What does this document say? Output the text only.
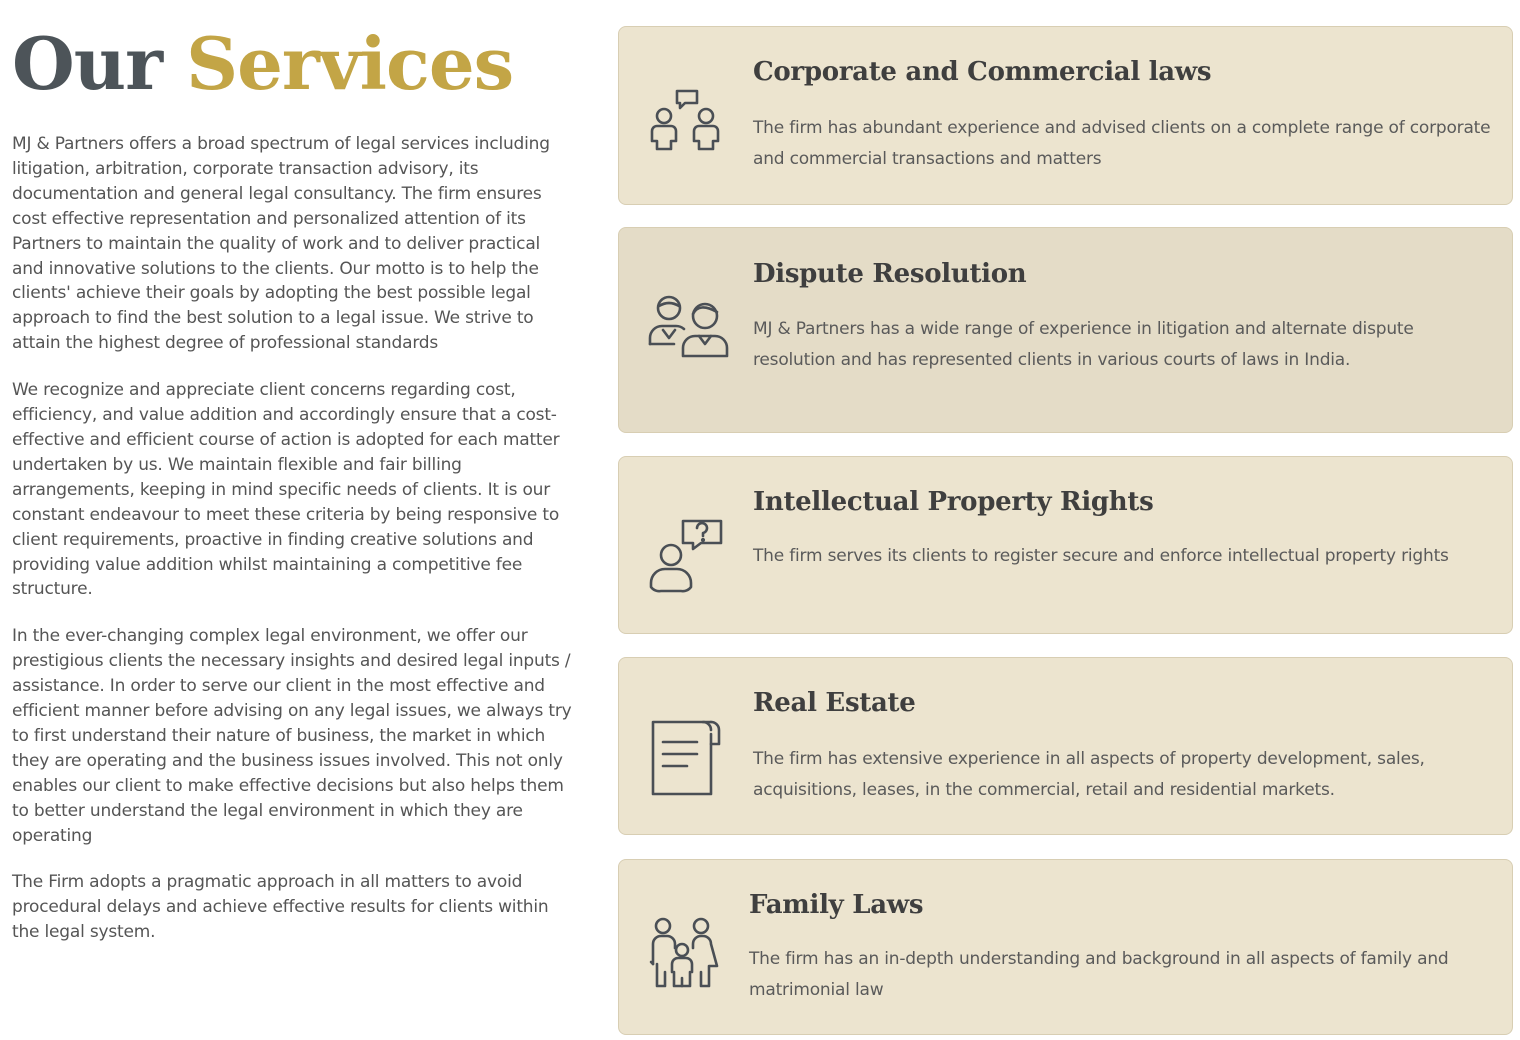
Our Services

MJ & Partners offers a broad spectrum of legal services including litigation, arbitration, corporate transaction advisory, its documentation and general legal consultancy. The firm ensures cost effective representation and personalized attention of its Partners to maintain the quality of work and to deliver practical and innovative solutions to the clients. Our motto is to help the clients' achieve their goals by adopting the best possible legal approach to find the best solution to a legal issue. We strive to attain the highest degree of professional standards

We recognize and appreciate client concerns regarding cost, efficiency, and value addition and accordingly ensure that a cost- effective and efficient course of action is adopted for each matter undertaken by us. We maintain flexible and fair billing arrangements, keeping in mind specific needs of clients. It is our constant endeavour to meet these criteria by being responsive to client requirements, proactive in finding creative solutions and providing value addition whilst maintaining a competitive fee structure.

In the ever-changing complex legal environment, we offer our prestigious clients the necessary insights and desired legal inputs / assistance. In order to serve our client in the most effective and efficient manner before advising on any legal issues, we always try to first understand their nature of business, the market in which they are operating and the business issues involved. This not only enables our client to make effective decisions but also helps them to better understand the legal environment in which they are operating

The Firm adopts a pragmatic approach in all matters to avoid procedural delays and achieve effective results for clients within the legal system.

Corporate and Commercial laws
The firm has abundant experience and advised clients on a complete range of corporate and commercial transactions and matters
Dispute Resolution
MJ & Partners has a wide range of experience in litigation and alternate dispute resolution and has represented clients in various courts of laws in India.
Intellectual Property Rights
The firm serves its clients to register secure and enforce intellectual property rights
Real Estate
The firm has extensive experience in all aspects of property development, sales, acquisitions, leases, in the commercial, retail and residential markets.
Family Laws
The firm has an in-depth understanding and background in all aspects of family and matrimonial law
